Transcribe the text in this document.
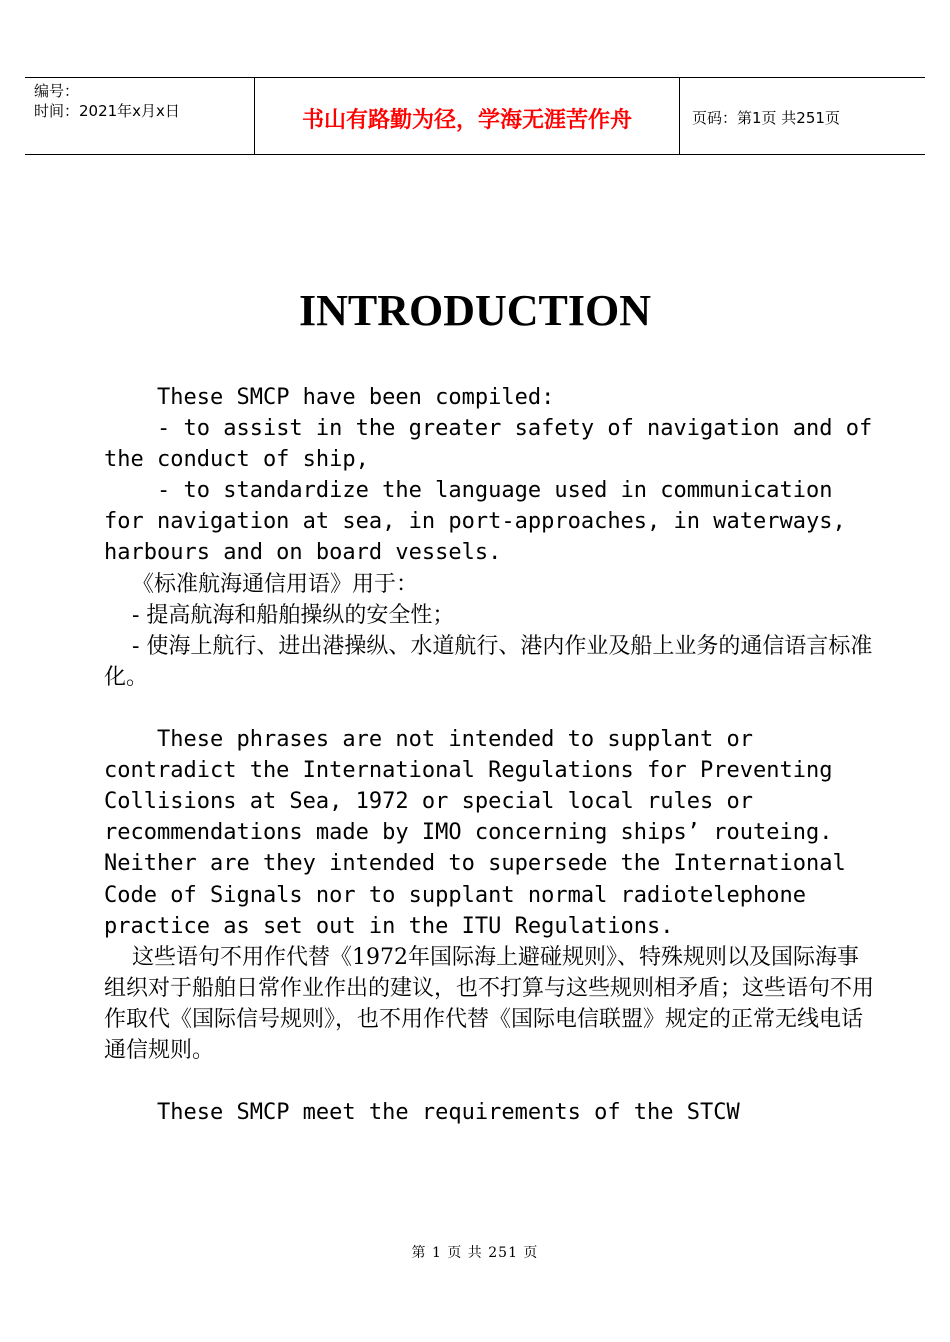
编号：
时间：2021年x月x日	书山有路勤为径，学海无涯苦作舟	页码：第1页 共251页
INTRODUCTION

These SMCP have been compiled:

- to assist in the greater safety of navigation and of the conduct of ship,

- to standardize the language used in communication for navigation at sea, in port-approaches, in waterways, harbours and on board vessels.

《标准航海通信用语》用于：

- 提高航海和船舶操纵的安全性；

- 使海上航行、进出港操纵、水道航行、港内作业及船上业务的通信语言标准化。

These phrases are not intended to supplant or contradict the International Regulations for Preventing Collisions at Sea, 1972 or special local rules or recommendations made by IMO concerning ships’ routeing. Neither are they intended to supersede the International Code of Signals nor to supplant normal radiotelephone practice as set out in the ITU Regulations.

这些语句不用作代替《1972年国际海上避碰规则》、特殊规则以及国际海事组织对于船舶日常作业作出的建议，也不打算与这些规则相矛盾；这些语句不用作取代《国际信号规则》，也不用作代替《国际电信联盟》规定的正常无线电话通信规则。

These SMCP meet the requirements of the STCW

第 1 页 共 251 页
